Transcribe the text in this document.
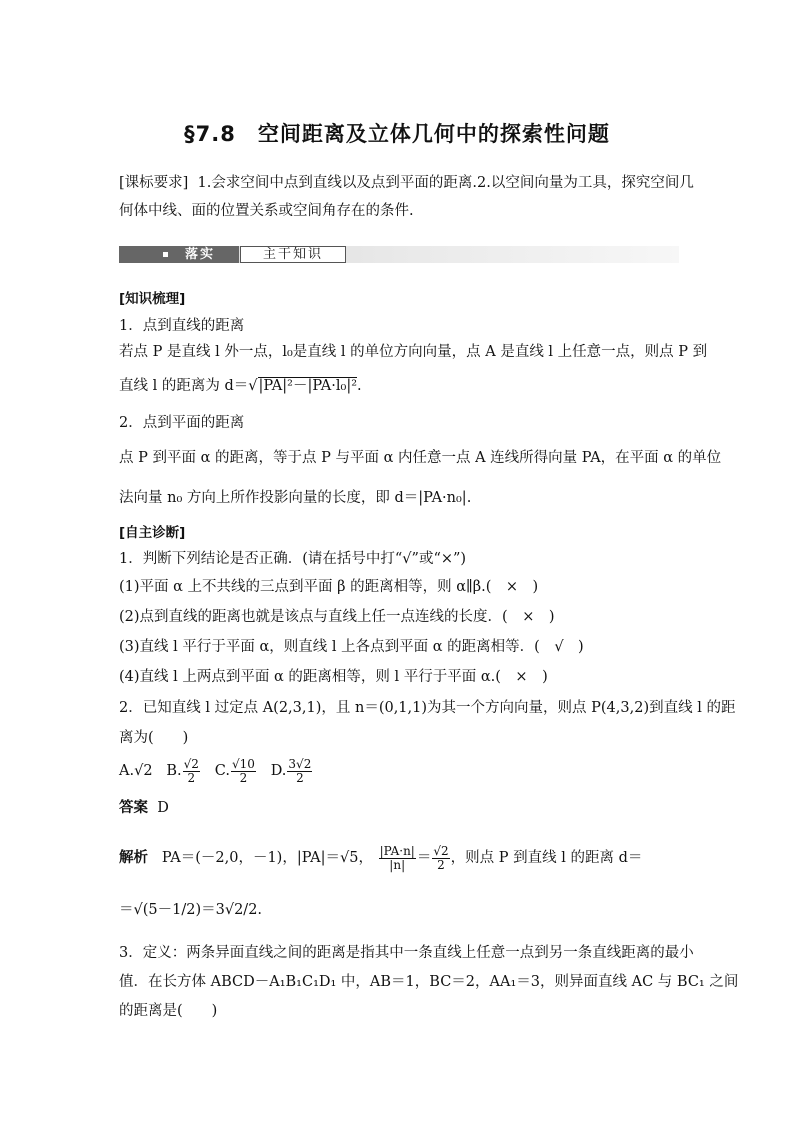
§7.8 空间距离及立体几何中的探索性问题
[课标要求] 1.会求空间中点到直线以及点到平面的距离.2.以空间向量为工具，探究空间几
何体中线、面的位置关系或空间角存在的条件.
落实	主干知识
[知识梳理]
1．点到直线的距离
若点 P 是直线 l 外一点，l₀是直线 l 的单位方向向量，点 A 是直线 l 上任意一点，则点 P 到
直线 l 的距离为 d＝√|PA|²－|PA·l₀|².
2．点到平面的距离
点 P 到平面 α 的距离，等于点 P 与平面 α 内任意一点 A 连线所得向量 PA，在平面 α 的单位
法向量 n₀ 方向上所作投影向量的长度，即 d＝|PA·n₀|.
[自主诊断]
1．判断下列结论是否正确．(请在括号中打“√”或“×”)
(1)平面 α 上不共线的三点到平面 β 的距离相等，则 α∥β.(　×　)
(2)点到直线的距离也就是该点与直线上任一点连线的长度．(　×　)
(3)直线 l 平行于平面 α，则直线 l 上各点到平面 α 的距离相等．(　√　)
(4)直线 l 上两点到平面 α 的距离相等，则 l 平行于平面 α.(　×　)
2．已知直线 l 过定点 A(2,3,1)，且 n＝(0,1,1)为其一个方向向量，则点 P(4,3,2)到直线 l 的距
离为(　　)
A.√2 B. $\frac{√2}{2} C$. $\frac{√10}{2} D$. $\frac{3√2}{2}$
答案 D
解析 PA＝(－2,0，－1)，|PA|＝√5， $\frac{|PA\cdot n|}{|n|} = \frac{√2}{2}$ ，则点 P 到直线 l 的距离 d＝
＝√(5－1/2)＝3√2/2.
3．定义：两条异面直线之间的距离是指其中一条直线上任意一点到另一条直线距离的最小
值．在长方体 ABCD－A₁B₁C₁D₁ 中，AB＝1，BC＝2，AA₁＝3，则异面直线 AC 与 BC₁ 之间
的距离是(　　)
